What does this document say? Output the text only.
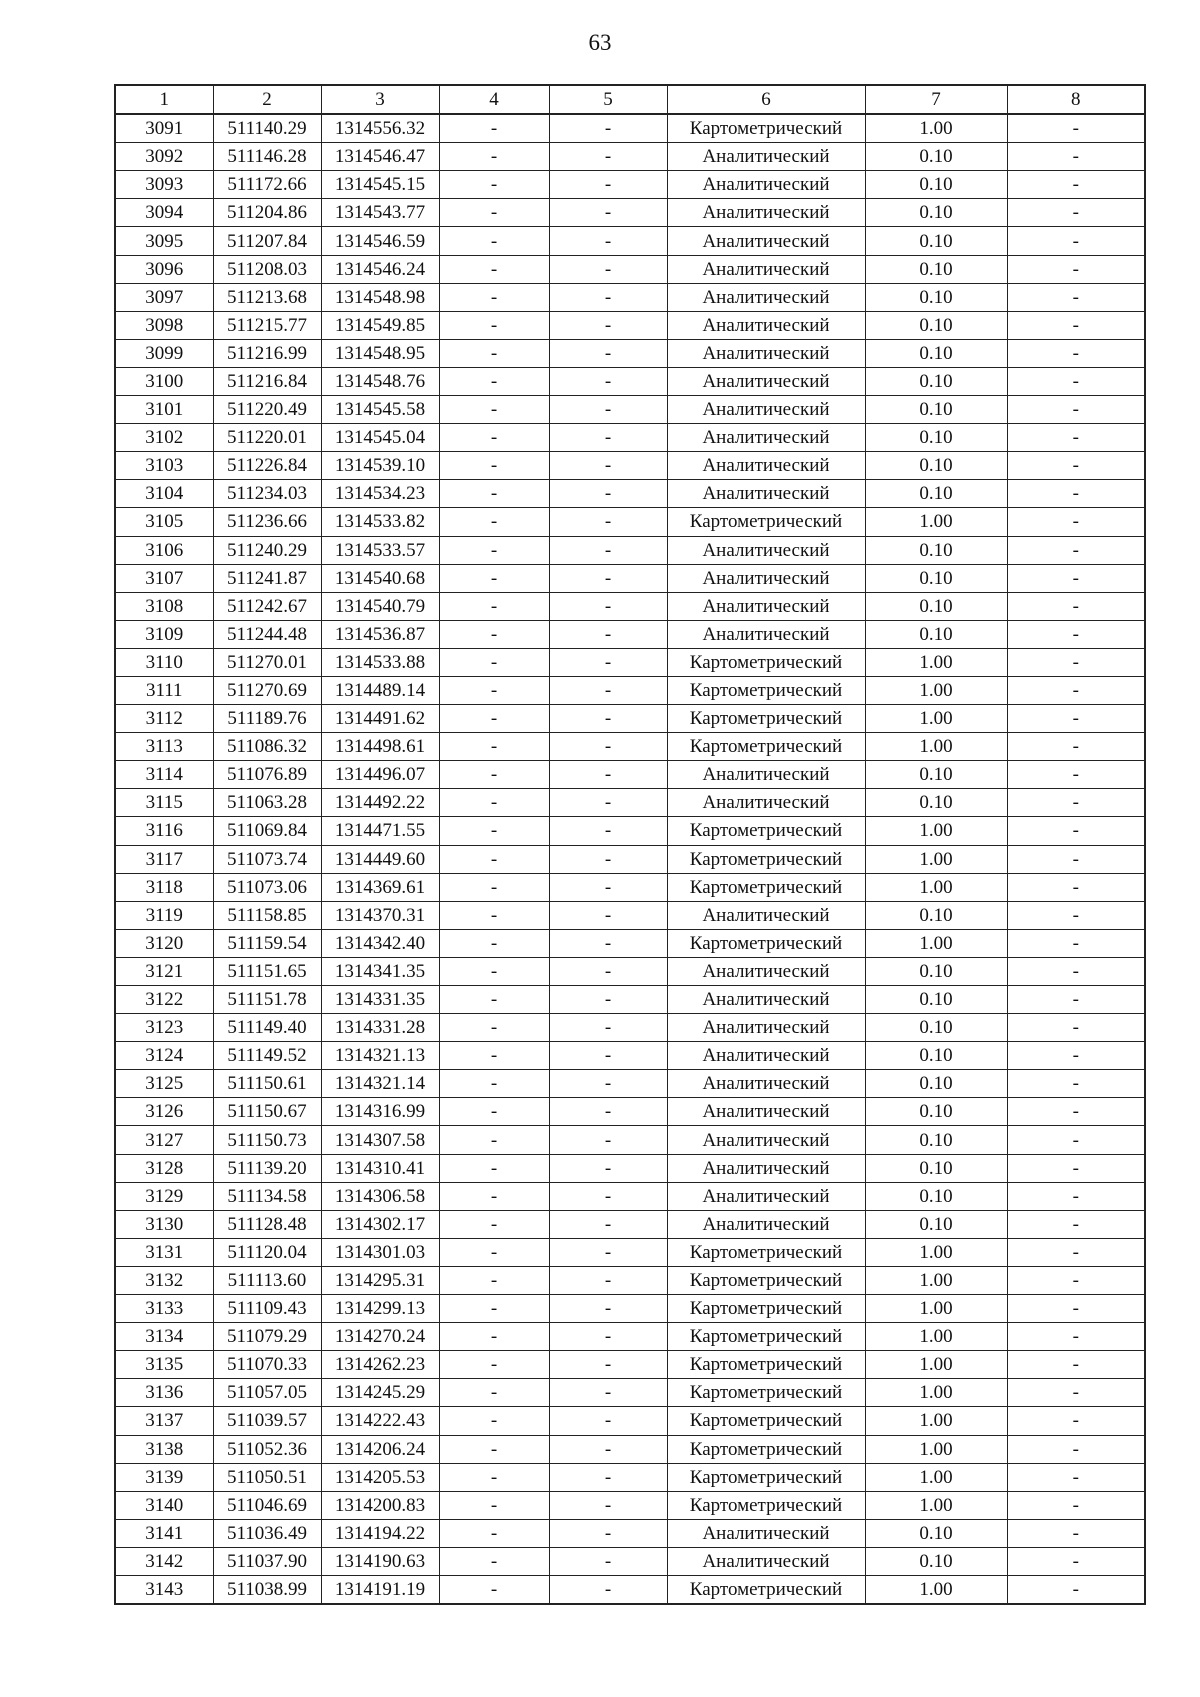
63
1	2	3	4	5	6	7	8
3091	511140.29	1314556.32	-	-	Картометрический	1.00	-
3092	511146.28	1314546.47	-	-	Аналитический	0.10	-
3093	511172.66	1314545.15	-	-	Аналитический	0.10	-
3094	511204.86	1314543.77	-	-	Аналитический	0.10	-
3095	511207.84	1314546.59	-	-	Аналитический	0.10	-
3096	511208.03	1314546.24	-	-	Аналитический	0.10	-
3097	511213.68	1314548.98	-	-	Аналитический	0.10	-
3098	511215.77	1314549.85	-	-	Аналитический	0.10	-
3099	511216.99	1314548.95	-	-	Аналитический	0.10	-
3100	511216.84	1314548.76	-	-	Аналитический	0.10	-
3101	511220.49	1314545.58	-	-	Аналитический	0.10	-
3102	511220.01	1314545.04	-	-	Аналитический	0.10	-
3103	511226.84	1314539.10	-	-	Аналитический	0.10	-
3104	511234.03	1314534.23	-	-	Аналитический	0.10	-
3105	511236.66	1314533.82	-	-	Картометрический	1.00	-
3106	511240.29	1314533.57	-	-	Аналитический	0.10	-
3107	511241.87	1314540.68	-	-	Аналитический	0.10	-
3108	511242.67	1314540.79	-	-	Аналитический	0.10	-
3109	511244.48	1314536.87	-	-	Аналитический	0.10	-
3110	511270.01	1314533.88	-	-	Картометрический	1.00	-
3111	511270.69	1314489.14	-	-	Картометрический	1.00	-
3112	511189.76	1314491.62	-	-	Картометрический	1.00	-
3113	511086.32	1314498.61	-	-	Картометрический	1.00	-
3114	511076.89	1314496.07	-	-	Аналитический	0.10	-
3115	511063.28	1314492.22	-	-	Аналитический	0.10	-
3116	511069.84	1314471.55	-	-	Картометрический	1.00	-
3117	511073.74	1314449.60	-	-	Картометрический	1.00	-
3118	511073.06	1314369.61	-	-	Картометрический	1.00	-
3119	511158.85	1314370.31	-	-	Аналитический	0.10	-
3120	511159.54	1314342.40	-	-	Картометрический	1.00	-
3121	511151.65	1314341.35	-	-	Аналитический	0.10	-
3122	511151.78	1314331.35	-	-	Аналитический	0.10	-
3123	511149.40	1314331.28	-	-	Аналитический	0.10	-
3124	511149.52	1314321.13	-	-	Аналитический	0.10	-
3125	511150.61	1314321.14	-	-	Аналитический	0.10	-
3126	511150.67	1314316.99	-	-	Аналитический	0.10	-
3127	511150.73	1314307.58	-	-	Аналитический	0.10	-
3128	511139.20	1314310.41	-	-	Аналитический	0.10	-
3129	511134.58	1314306.58	-	-	Аналитический	0.10	-
3130	511128.48	1314302.17	-	-	Аналитический	0.10	-
3131	511120.04	1314301.03	-	-	Картометрический	1.00	-
3132	511113.60	1314295.31	-	-	Картометрический	1.00	-
3133	511109.43	1314299.13	-	-	Картометрический	1.00	-
3134	511079.29	1314270.24	-	-	Картометрический	1.00	-
3135	511070.33	1314262.23	-	-	Картометрический	1.00	-
3136	511057.05	1314245.29	-	-	Картометрический	1.00	-
3137	511039.57	1314222.43	-	-	Картометрический	1.00	-
3138	511052.36	1314206.24	-	-	Картометрический	1.00	-
3139	511050.51	1314205.53	-	-	Картометрический	1.00	-
3140	511046.69	1314200.83	-	-	Картометрический	1.00	-
3141	511036.49	1314194.22	-	-	Аналитический	0.10	-
3142	511037.90	1314190.63	-	-	Аналитический	0.10	-
3143	511038.99	1314191.19	-	-	Картометрический	1.00	-
